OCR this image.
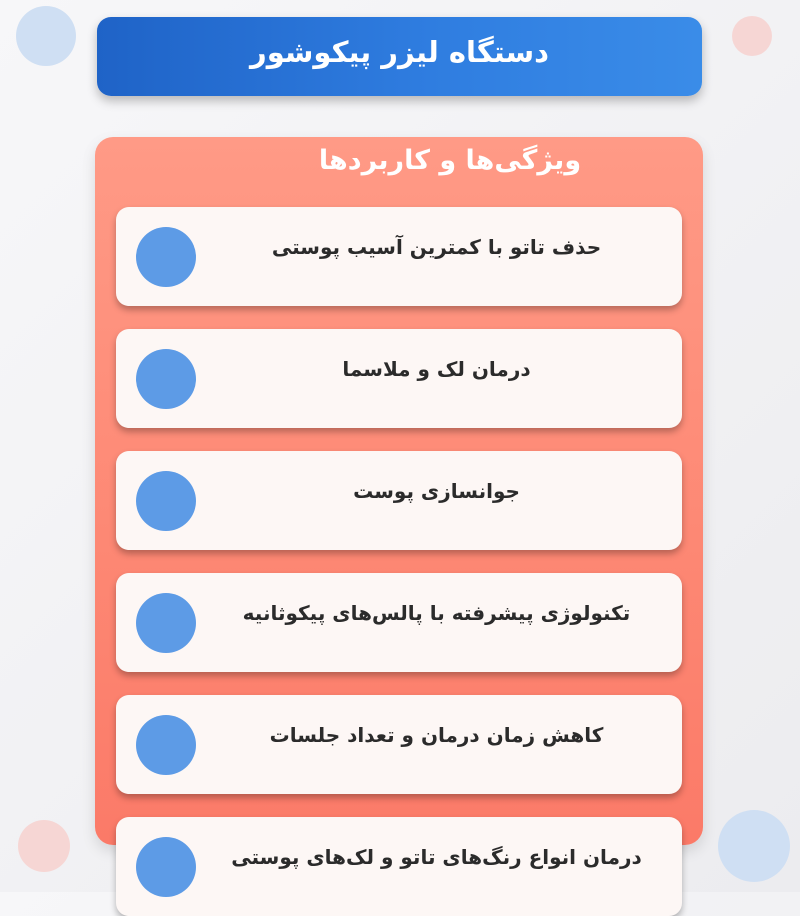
دستگاه لیزر پیکوشور
ویژگی‌ها و کاربردها
حذف تاتو با کمترین آسیب پوستی
درمان لک و ملاسما
جوانسازی پوست
تکنولوژی پیشرفته با پالس‌های پیکوثانیه
کاهش زمان درمان و تعداد جلسات
درمان انواع رنگ‌های تاتو و لک‌های پوستی
